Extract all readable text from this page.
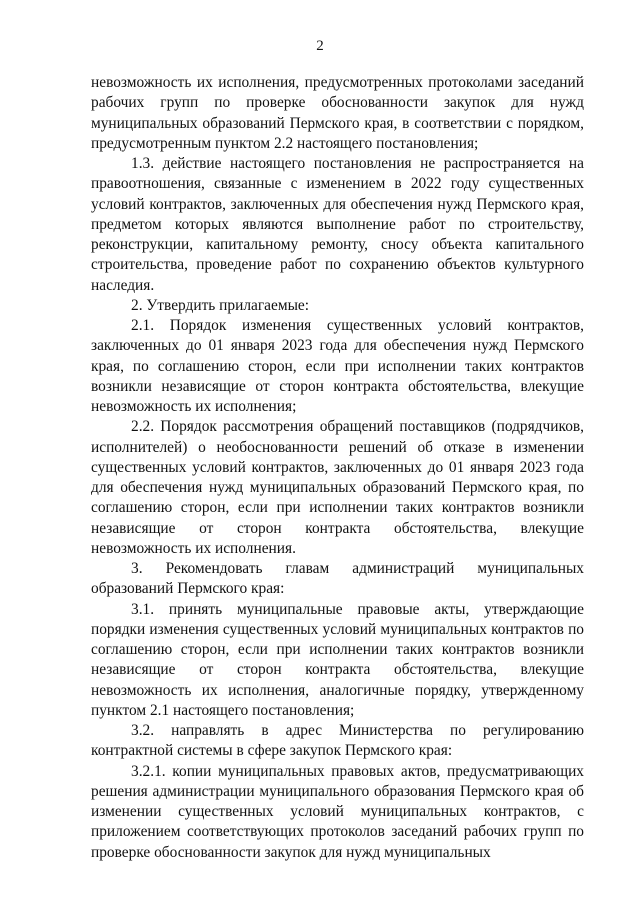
2

невозможность их исполнения, предусмотренных протоколами заседаний рабочих групп по проверке обоснованности закупок для нужд муниципальных образований Пермского края, в соответствии с порядком, предусмотренным пунктом 2.2 настоящего постановления;

1.3. действие настоящего постановления не распространяется на правоотношения, связанные с изменением в 2022 году существенных условий контрактов, заключенных для обеспечения нужд Пермского края, предметом которых являются выполнение работ по строительству, реконструкции, капитальному ремонту, сносу объекта капитального строительства, проведение работ по сохранению объектов культурного наследия.

2. Утвердить прилагаемые:

2.1. Порядок изменения существенных условий контрактов, заключенных до 01 января 2023 года для обеспечения нужд Пермского края, по соглашению сторон, если при исполнении таких контрактов возникли независящие от сторон контракта обстоятельства, влекущие невозможность их исполнения;

2.2. Порядок рассмотрения обращений поставщиков (подрядчиков, исполнителей) о необоснованности решений об отказе в изменении существенных условий контрактов, заключенных до 01 января 2023 года для обеспечения нужд муниципальных образований Пермского края, по соглашению сторон, если при исполнении таких контрактов возникли независящие от сторон контракта обстоятельства, влекущие невозможность их исполнения.

3. Рекомендовать главам администраций муниципальных образований Пермского края:

3.1. принять муниципальные правовые акты, утверждающие порядки изменения существенных условий муниципальных контрактов по соглашению сторон, если при исполнении таких контрактов возникли независящие от сторон контракта обстоятельства, влекущие невозможность их исполнения, аналогичные порядку, утвержденному пунктом 2.1 настоящего постановления;

3.2. направлять в адрес Министерства по регулированию контрактной системы в сфере закупок Пермского края:

3.2.1. копии муниципальных правовых актов, предусматривающих решения администрации муниципального образования Пермского края об изменении существенных условий муниципальных контрактов, с приложением соответствующих протоколов заседаний рабочих групп по проверке обоснованности закупок для нужд муниципальных
